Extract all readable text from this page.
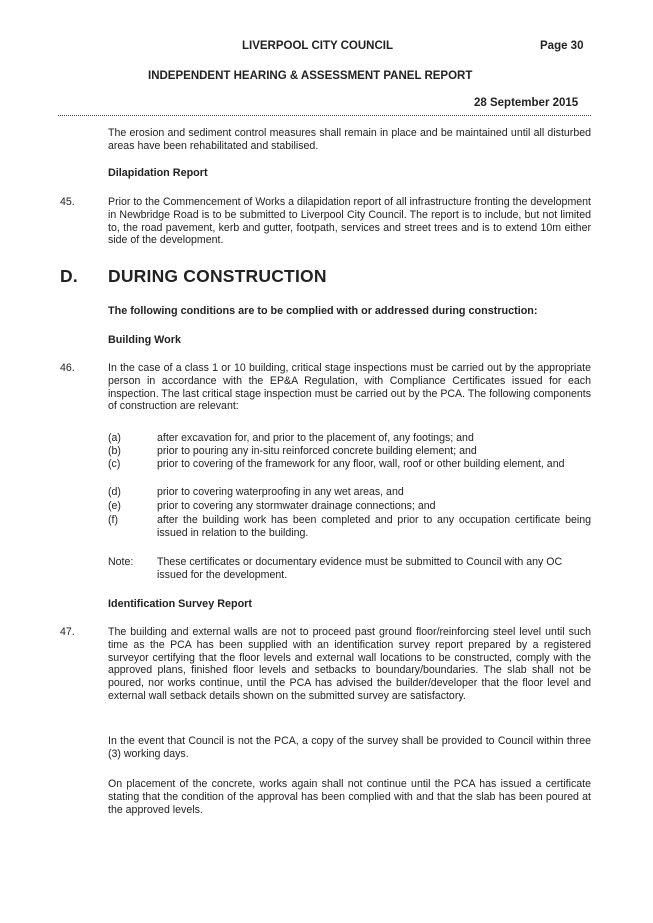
LIVERPOOL CITY COUNCIL	Page 30
INDEPENDENT HEARING & ASSESSMENT PANEL REPORT
28 September 2015
The erosion and sediment control measures shall remain in place and be maintained until all disturbed areas have been rehabilitated and stabilised.
Dilapidation Report
45.	Prior to the Commencement of Works a dilapidation report of all infrastructure fronting the development in Newbridge Road is to be submitted to Liverpool City Council. The report is to include, but not limited to, the road pavement, kerb and gutter, footpath, services and street trees and is to extend 10m either side of the development.
D. DURING CONSTRUCTION
The following conditions are to be complied with or addressed during construction:
Building Work
46.	In the case of a class 1 or 10 building, critical stage inspections must be carried out by the appropriate person in accordance with the EP&A Regulation, with Compliance Certificates issued for each inspection. The last critical stage inspection must be carried out by the PCA. The following components of construction are relevant:
(a)	after excavation for, and prior to the placement of, any footings; and
(b)	prior to pouring any in-situ reinforced concrete building element; and
(c)	prior to covering of the framework for any floor, wall, roof or other building element, and
(d)	prior to covering waterproofing in any wet areas, and
(e)	prior to covering any stormwater drainage connections; and
(f)	after the building work has been completed and prior to any occupation certificate being issued in relation to the building.
Note: These certificates or documentary evidence must be submitted to Council with any OC issued for the development.
Identification Survey Report
47.	The building and external walls are not to proceed past ground floor/reinforcing steel level until such time as the PCA has been supplied with an identification survey report prepared by a registered surveyor certifying that the floor levels and external wall locations to be constructed, comply with the approved plans, finished floor levels and setbacks to boundary/boundaries. The slab shall not be poured, nor works continue, until the PCA has advised the builder/developer that the floor level and external wall setback details shown on the submitted survey are satisfactory.
In the event that Council is not the PCA, a copy of the survey shall be provided to Council within three (3) working days.
On placement of the concrete, works again shall not continue until the PCA has issued a certificate stating that the condition of the approval has been complied with and that the slab has been poured at the approved levels.
